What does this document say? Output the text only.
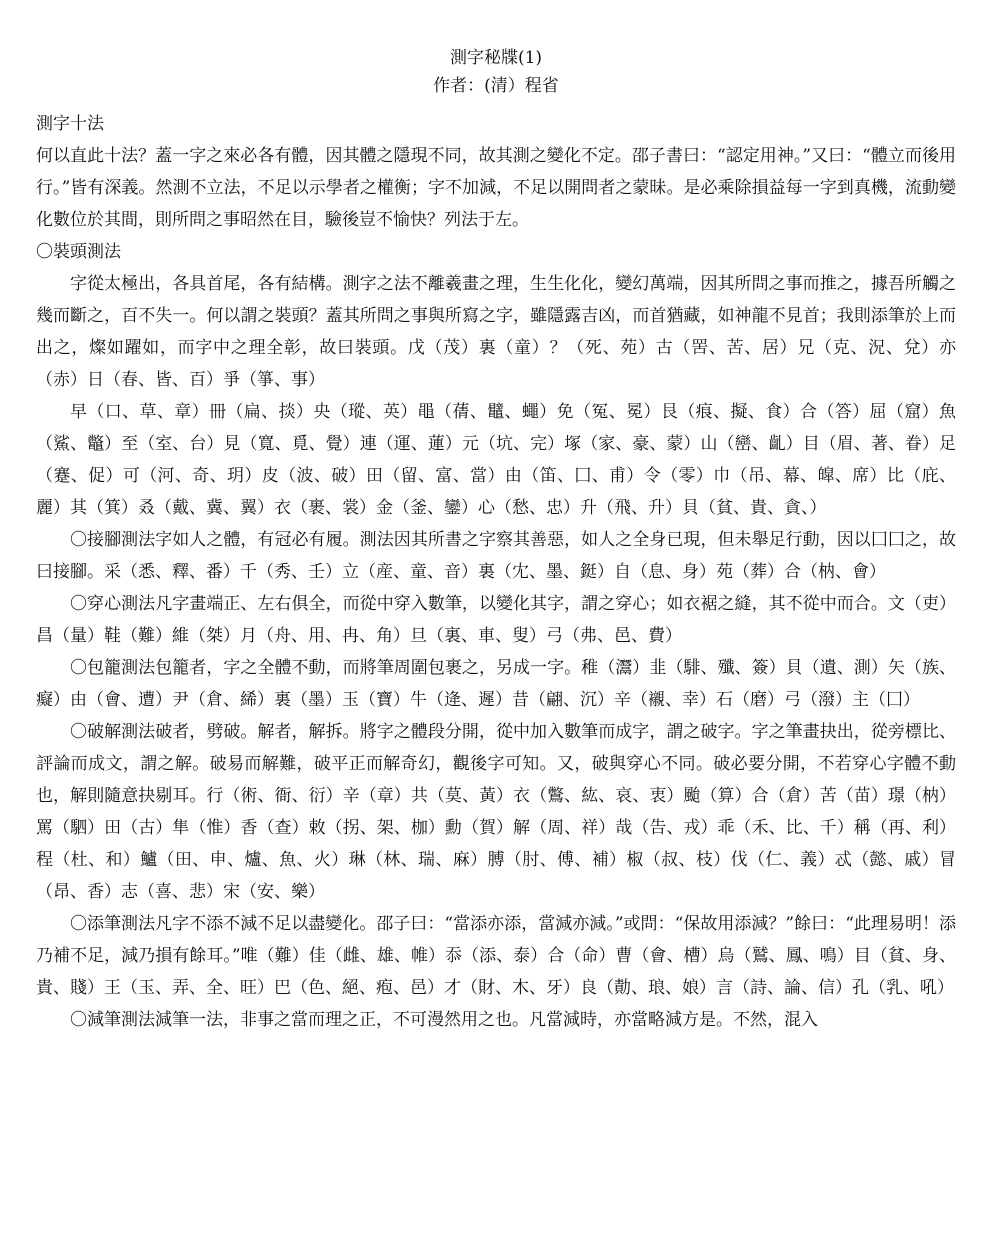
測字秘牒(1)

作者：(清）程省

測字十法

何以直此十法？蓋一字之來必各有體，因其體之隱現不同，故其測之變化不定。邵子書曰：“認定用神。”又曰：“體立而後用行。”皆有深義。然測不立法，不足以示學者之權衡；字不加減，不足以開問者之蒙昧。是必乘除損益每一字到真機，流動變化數位於其間，則所問之事昭然在目，驗後豈不愉快？列法于左。

〇裝頭測法

字從太極出，各具首尾，各有結構。測字之法不離羲畫之理，生生化化，變幻萬端，因其所問之事而推之，據吾所觸之幾而斷之，百不失一。何以謂之裝頭？蓋其所問之事與所寫之字，雖隱露吉凶，而首猶藏，如神龍不見首；我則添筆於上而出之，燦如躍如，而字中之理全彰，故曰裝頭。戊（茂）裏（童）？（死、苑）古（罟、苦、居）兄（克、況、兌）亦（赤）日（春、皆、百）爭（箏、事）

早（口、草、章）冊（扁、掞）央（瑽、英）黽（蒨、鼊、蠅）免（冤、冕）艮（痕、擬、食）合（答）屈（窟）魚（鯊、鼈）至（室、台）見（寬、覓、覺）連（運、蓮）元（坑、完）塚（家、豪、蒙）山（巒、齓）目（眉、著、眷）足（蹇、促）可（河、奇、玥）皮（波、破）田（留、富、當）由（笛、囗、甫）令（零）巾（吊、幕、皡、席）比（庇、麗）其（箕）叒（戴、冀、翼）衣（裹、裳）金（釜、鑾）心（愁、忠）升（飛、升）貝（貧、貴、貪、）

〇接腳測法字如人之體，有冠必有履。測法因其所書之字察其善惡，如人之全身已現，但未舉足行動，因以囗囗之，故曰接腳。采（悉、釋、番）千（秀、壬）立（産、童、音）裏（冘、墨、鋌）自（息、身）苑（葬）合（枘、會）

〇穿心測法凡字畫端正、左右俱全，而從中穿入數筆，以變化其字，謂之穿心；如衣裾之縫，其不從中而合。文（吏）昌（量）鞋（難）維（桀）月（舟、用、冉、角）旦（裏、車、叟）弓（弗、邑、費）

〇包籠測法包籠者，字之全體不動，而將筆周圍包裹之，另成一字。稚（灊）韭（騑、殲、簽）貝（遺、測）矢（族、癡）由（會、遭）尹（倉、絺）裏（墨）玉（寶）牛（逄、遲）昔（翩、沉）辛（襯、幸）石（磨）弓（潑）主（囗）

〇破解測法破者，劈破。解者，解拆。將字之體段分開，從中加入數筆而成字，謂之破字。字之筆畫抉出，從旁標比、評論而成文，謂之解。破易而解難，破平正而解奇幻，觀後字可知。又，破與穿心不同。破必要分開，不若穿心字體不動也，解則隨意抉剔耳。行（術、衙、衍）辛（章）共（莫、黃）衣（鷩、紘、哀、衷）颱（算）合（倉）苦（苗）璟（枘）罵（駟）田（古）隼（惟）香（查）敕（拐、架、枷）勳（賀）解（周、祥）哉（告、戎）乖（禾、比、千）稱（再、利）程（杜、和）鱸（田、申、爐、魚、火）琳（林、瑞、麻）膊（肘、傅、補）椒（叔、枝）伐（仁、義）忒（懿、戚）冒（昂、香）志（喜、悲）宋（安、樂）

〇添筆測法凡字不添不減不足以盡變化。邵子曰：“當添亦添，當減亦減。”或問：“保故用添減？”餘曰：“此理易明！添乃補不足，減乃損有餘耳。”唯（難）佳（雌、雄、帷）忝（添、泰）合（命）曹（會、槽）烏（鷲、鳳、鳴）目（貧、身、貴、賤）王（玉、弄、全、旺）巴（色、絕、疱、邑）才（財、木、牙）良（勣、琅、娘）言（詩、論、信）孔（乳、吼）

〇減筆測法減筆一法，非事之當而理之正，不可漫然用之也。凡當減時，亦當略減方是。不然，混入
